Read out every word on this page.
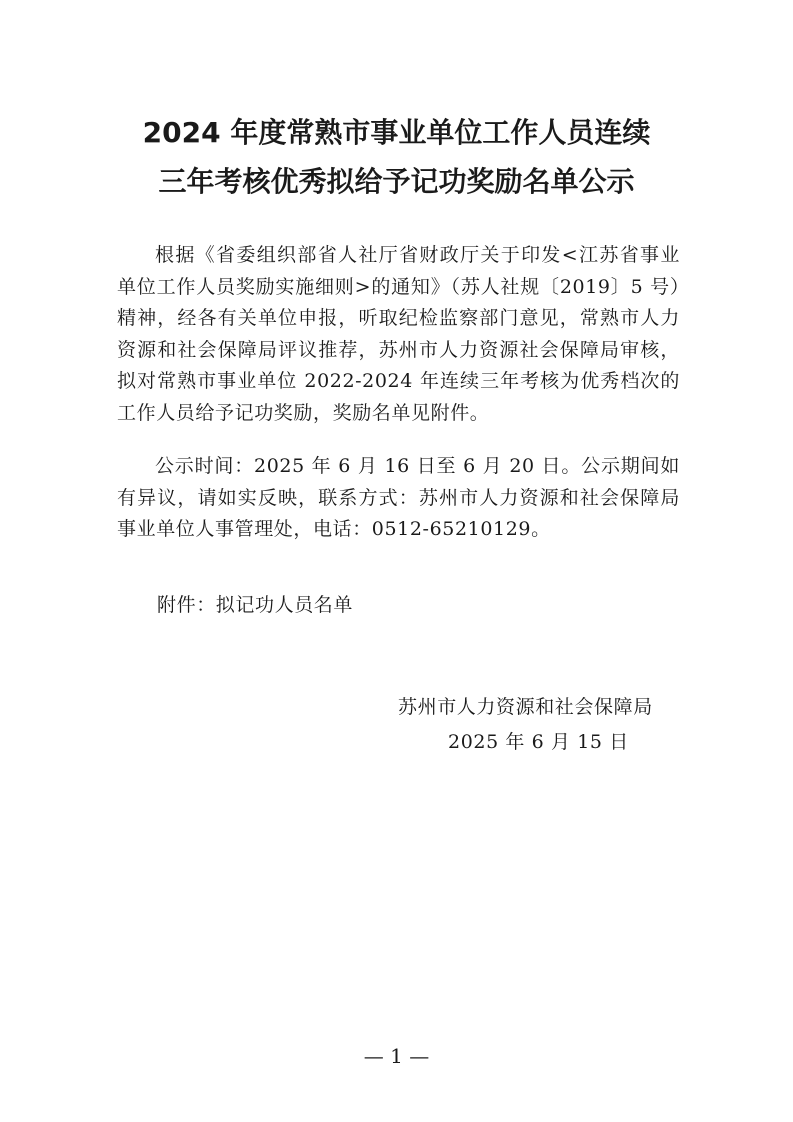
2024 年度常熟市事业单位工作人员连续
三年考核优秀拟给予记功奖励名单公示

根据《省委组织部省人社厅省财政厅关于印发<江苏省事业单位工作人员奖励实施细则>的通知》（苏人社规〔2019〕5 号）精神，经各有关单位申报，听取纪检监察部门意见，常熟市人力资源和社会保障局评议推荐，苏州市人力资源社会保障局审核，拟对常熟市事业单位 2022-2024 年连续三年考核为优秀档次的工作人员给予记功奖励，奖励名单见附件。

公示时间：2025 年 6 月 16 日至 6 月 20 日。公示期间如有异议，请如实反映，联系方式：苏州市人力资源和社会保障局事业单位人事管理处，电话：0512-65210129。

附件：拟记功人员名单
苏州市人力资源和社会保障局
2025 年 6 月 15 日
— 1 —
